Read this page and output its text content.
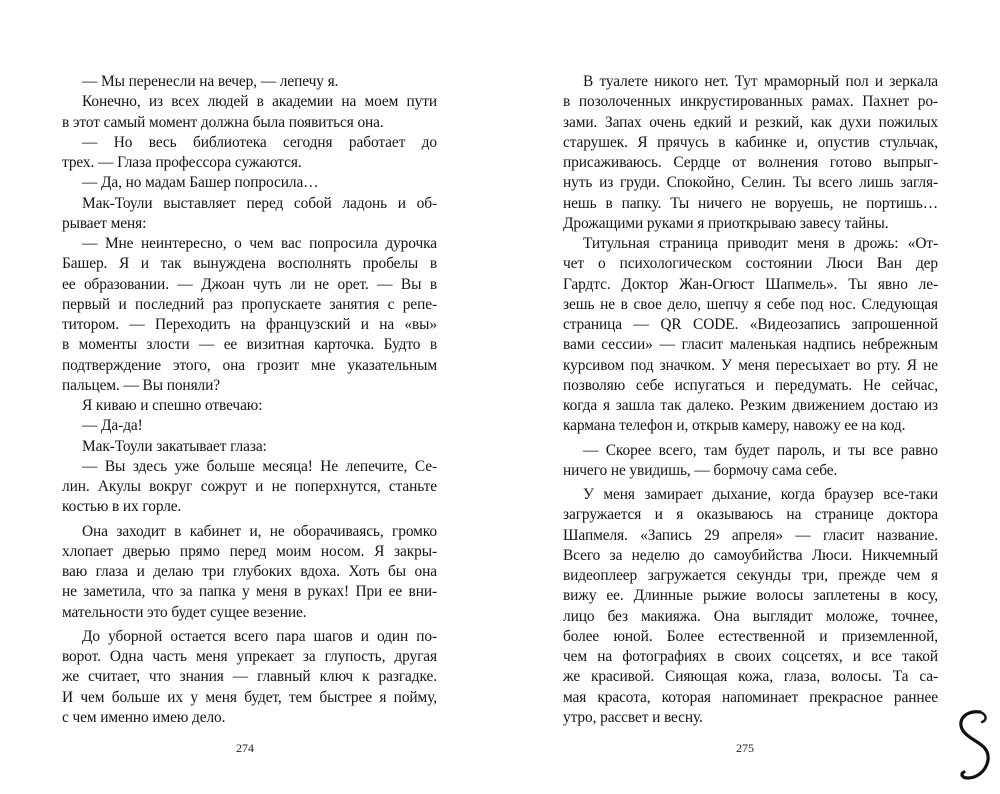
— Мы перенесли на вечер, — лепечу я.
Конечно, из всех людей в академии на моем пути
в этот самый момент должна была появиться она.
— Но весь библиотека сегодня работает до
трех. — Глаза профессора сужаются.
— Да, но мадам Башер попросила…
Мак-Тоули выставляет перед собой ладонь и об-
рывает меня:
— Мне неинтересно, о чем вас попросила дурочка
Башер. Я и так вынуждена восполнять пробелы в
ее образовании. — Джоан чуть ли не орет. — Вы в
первый и последний раз пропускаете занятия с репе-
титором. — Переходить на французский и на «вы»
в моменты злости — ее визитная карточка. Будто в
подтверждение этого, она грозит мне указательным
пальцем. — Вы поняли?
Я киваю и спешно отвечаю:
— Да-да!
Мак-Тоули закатывает глаза:
— Вы здесь уже больше месяца! Не лепечите, Се-
лин. Акулы вокруг сожрут и не поперхнутся, станьте
костью в их горле.
Она заходит в кабинет и, не оборачиваясь, громко
хлопает дверью прямо перед моим носом. Я закры-
ваю глаза и делаю три глубоких вдоха. Хоть бы она
не заметила, что за папка у меня в руках! При ее вни-
мательности это будет сущее везение.
До уборной остается всего пара шагов и один по-
ворот. Одна часть меня упрекает за глупость, другая
же считает, что знания — главный ключ к разгадке.
И чем больше их у меня будет, тем быстрее я пойму,
с чем именно имею дело.
В туалете никого нет. Тут мраморный пол и зеркала
в позолоченных инкрустированных рамах. Пахнет ро-
зами. Запах очень едкий и резкий, как духи пожилых
старушек. Я прячусь в кабинке и, опустив стульчак,
присаживаюсь. Сердце от волнения готово выпрыг-
нуть из груди. Спокойно, Селин. Ты всего лишь загля-
нешь в папку. Ты ничего не воруешь, не портишь…
Дрожащими руками я приоткрываю завесу тайны.
Титульная страница приводит меня в дрожь: «От-
чет о психологическом состоянии Люси Ван дер
Гардтс. Доктор Жан-Огюст Шапмель». Ты явно ле-
зешь не в свое дело, шепчу я себе под нос. Следующая
страница — QR CODE. «Видеозапись запрошенной
вами сессии» — гласит маленькая надпись небрежным
курсивом под значком. У меня пересыхает во рту. Я не
позволяю себе испугаться и передумать. Не сейчас,
когда я зашла так далеко. Резким движением достаю из
кармана телефон и, открыв камеру, навожу ее на код.
— Скорее всего, там будет пароль, и ты все равно
ничего не увидишь, — бормочу сама себе.
У меня замирает дыхание, когда браузер все-таки
загружается и я оказываюсь на странице доктора
Шапмеля. «Запись 29 апреля» — гласит название.
Всего за неделю до самоубийства Люси. Никчемный
видеоплеер загружается секунды три, прежде чем я
вижу ее. Длинные рыжие волосы заплетены в косу,
лицо без макияжа. Она выглядит моложе, точнее,
более юной. Более естественной и приземленной,
чем на фотографиях в своих соцсетях, и все такой
же красивой. Сияющая кожа, глаза, волосы. Та са-
мая красота, которая напоминает прекрасное раннее
утро, рассвет и весну.
274	275
